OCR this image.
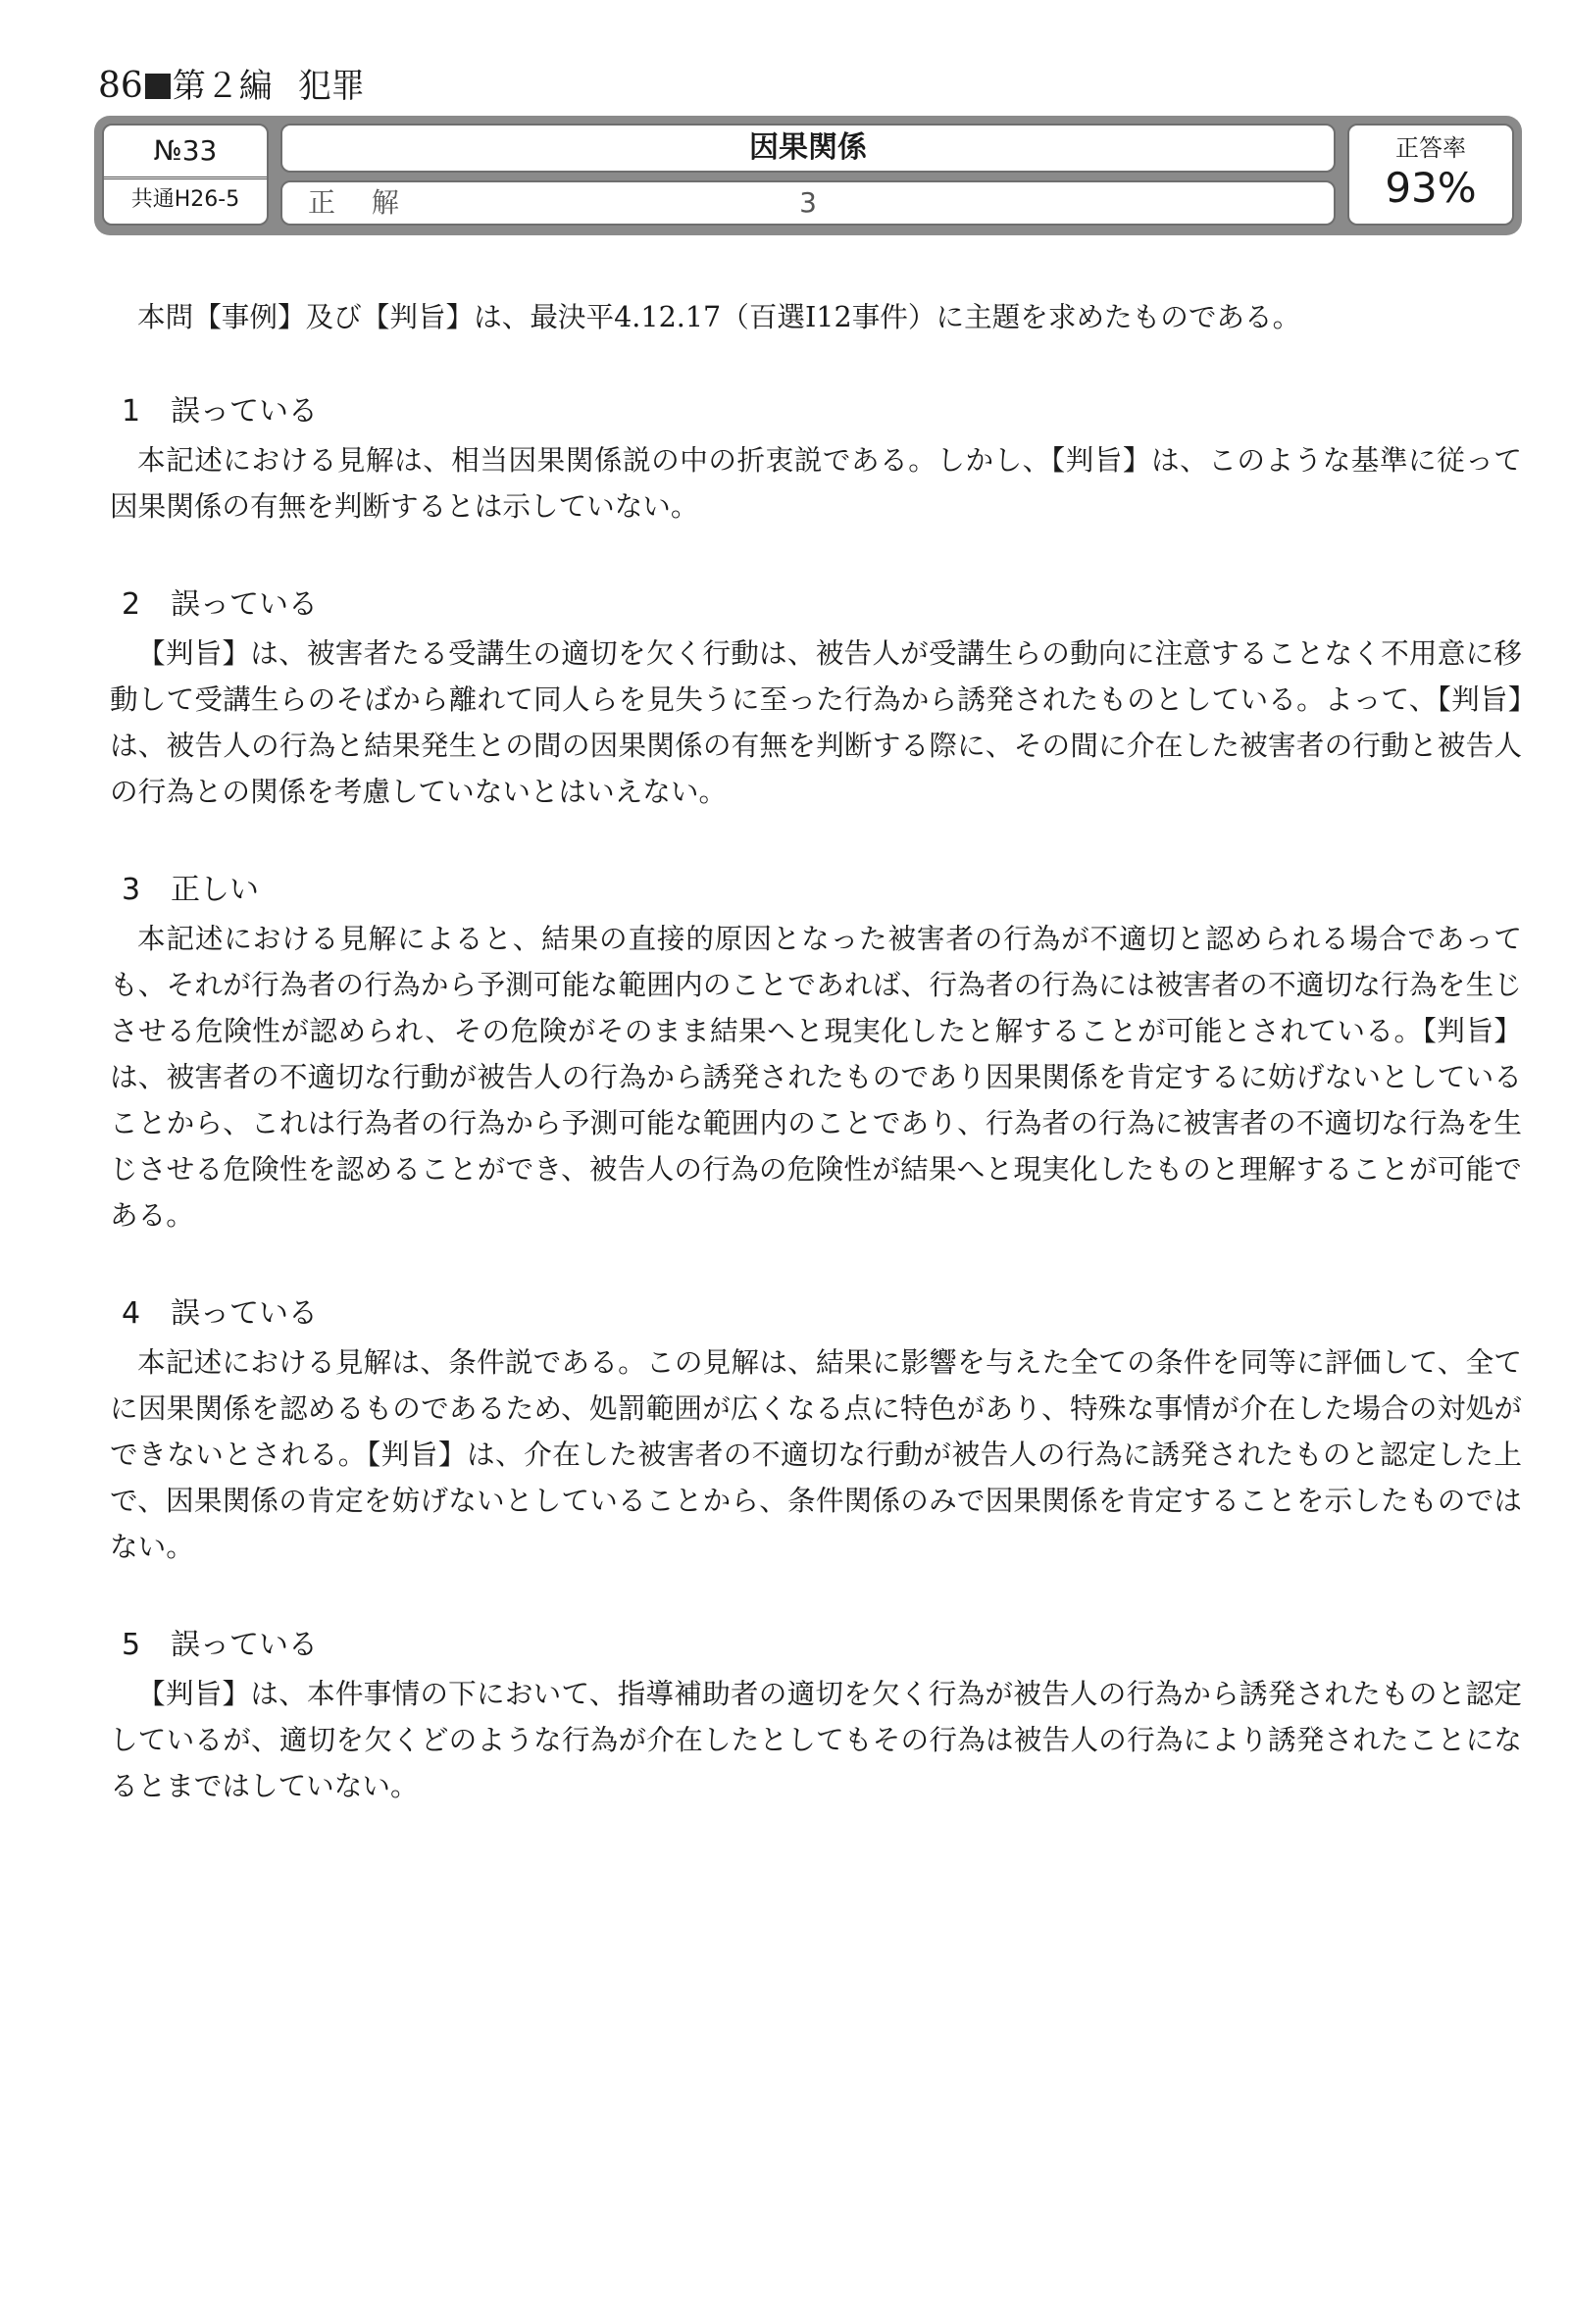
86 第２編 犯罪
№33
共通H26-5
因果関係
正 解	3
正答率
93%

本問【事例】及び【判旨】は、最決平4.12.17（百選Ⅰ12事件）に主題を求めたものである。

1 誤っている

本記述における見解は、相当因果関係説の中の折衷説である。しかし、【判旨】は、このような基準に従って因果関係の有無を判断するとは示していない。

2 誤っている

【判旨】は、被害者たる受講生の適切を欠く行動は、被告人が受講生らの動向に注意することなく不用意に移動して受講生らのそばから離れて同人らを見失うに至った行為から誘発されたものとしている。よって、【判旨】は、被告人の行為と結果発生との間の因果関係の有無を判断する際に、その間に介在した被害者の行動と被告人の行為との関係を考慮していないとはいえない。

3 正しい

本記述における見解によると、結果の直接的原因となった被害者の行為が不適切と認められる場合であっても、それが行為者の行為から予測可能な範囲内のことであれば、行為者の行為には被害者の不適切な行為を生じさせる危険性が認められ、その危険がそのまま結果へと現実化したと解することが可能とされている。【判旨】は、被害者の不適切な行動が被告人の行為から誘発されたものであり因果関係を肯定するに妨げないとしていることから、これは行為者の行為から予測可能な範囲内のことであり、行為者の行為に被害者の不適切な行為を生じさせる危険性を認めることができ、被告人の行為の危険性が結果へと現実化したものと理解することが可能である。

4 誤っている

本記述における見解は、条件説である。この見解は、結果に影響を与えた全ての条件を同等に評価して、全てに因果関係を認めるものであるため、処罰範囲が広くなる点に特色があり、特殊な事情が介在した場合の対処ができないとされる。【判旨】は、介在した被害者の不適切な行動が被告人の行為に誘発されたものと認定した上で、因果関係の肯定を妨げないとしていることから、条件関係のみで因果関係を肯定することを示したものではない。

5 誤っている

【判旨】は、本件事情の下において、指導補助者の適切を欠く行為が被告人の行為から誘発されたものと認定しているが、適切を欠くどのような行為が介在したとしてもその行為は被告人の行為により誘発されたことになるとまではしていない。
